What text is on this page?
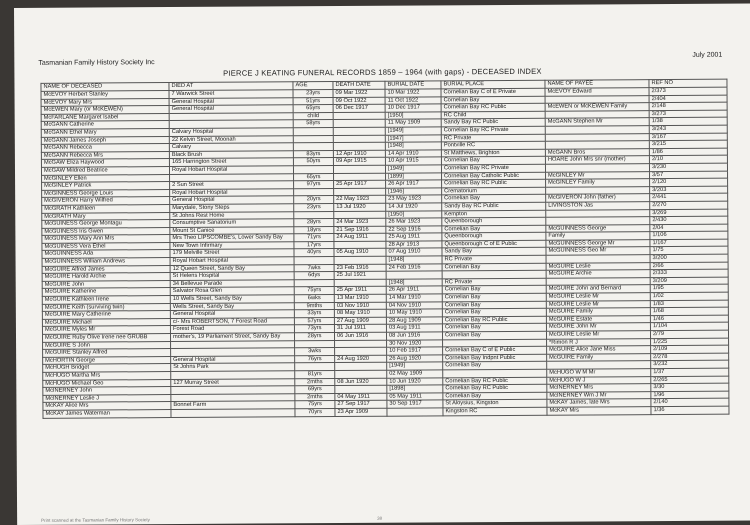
Tasmanian Family History Society Inc
July 2001
PIERCE J KEATING FUNERAL RECORDS 1859 – 1964 (with gaps) - DECEASED INDEX
NAME OF DECEASED	DIED AT	AGE	DEATH DATE	BURIAL DATE	BURIAL PLACE	NAME OF PAYEE	REF NO
McEVOY Herbert Stanley	7 Warwick Street	23yrs	09 Mar 1922	10 Mar 1922	Cornelian Bay C of E Private	McEVOY Edward	2/373
McEVOY Mary Mrs	General Hospital	51yrs	09 Oct 1922	11 Oct 1922	Cornelian Bay		2/404
McEWEN Mary (or McKEWEN)	General Hospital	65yrs	06 Dec 1917	10 Dec 1917	Cornelian Bay RC Public	McEWEN or McKEWEN Family	2/148
McFARLANE Margaret Isabel		child		[1950]	RC Child		3/273
McGANN Catherine		58yrs		11 May 1909	Sandy Bay RC Public	McGANN Stephen Mr	1/38
McGANN Ethel Mary	Calvary Hospital			[1949]	Cornelian Bay RC Private		3/243
McGANN James Joseph	22 Kelvin Street, Moonah			[1947]	RC Private		3/167
McGANN Rebecca	Calvary			[1948]	Pontville RC		3/215
McGANN Rebecca Mrs	Black Brush	83yrs	12 Apr 1910	14 Apr 1910	St Matthews, Brighton	McGANN Bros	1/86
McGAW Eliza Haywood	165 Harrington Street	50yrs	09 Apr 1915	10 Apr 1915	Cornelian Bay	HOARE John Mrs snr (mother)	2/10
McGAW Mildred Beatrice	Royal Hobart Hospital			[1949]	Cornelian Bay RC Private		3/230
McGINLEY Ellen		65yrs		[1899]	Cornelian Bay Catholic Public	McGINLEY Mr	3/57
McGINLEY Patrick	2 Sun Street	97yrs	25 Apr 1917	26 Apr 1917	Cornelian Bay RC Public	McGINLEY Family	2/120
McGINNESS George Louis	Royal Hobart Hospital			[1946]	Crematorium		3/203
McGIVERON Harry Wilfred	General Hospital	20yrs	22 May 1923	23 May 1923	Cornelian Bay	McGIVERON John (father)	2/441
McGRATH Kathleen	Marydale, Stony Steps	23yrs	13 Jul 1920	14 Jul 1920	Sandy Bay RC Public	LIVINGSTON Jas	2/270
McGRATH Mary	St Johns Rest Home			[1950]	Kempton		3/269
McGUINESS George Montagu	Consumptive Sanatorium	28yrs	24 Mar 1923	26 Mar 1923	Queenborough		2/430
McGUINESS Iris Gwen	Mount St Canice	18yrs	21 Sep 1916	22 Sep 1916	Cornelian Bay	McGUINNESS George	2/04
McGUINESS Mary Ann Mrs	Mrs Theo LIPSCOMBE's, Lower Sandy Bay	71yrs	24 Aug 1911	25 Aug 1911	Queenborough	Family	1/106
McGUINESS Vera Ethel	New Town Infirmary	17yrs		28 Apr 1913	Queenborough C of E Public	McGUINNESS George Mr	1/167
McGUINNESS Ada	179 Melville Street	40yrs	05 Aug 1910	07 Aug 1910	Sandy Bay	McGUINNESS Geo Mr	1/75
McGUINNESS William Andrews	Royal Hobart Hospital			[1948]	RC Private		3/200
McGUIRE Alfred James	12 Queen Street, Sandy Bay	7wks	23 Feb 1916	24 Feb 1916	Cornelian Bay	McGUIRE Leslie	2/66
McGUIRE Harold Archie	St Helens Hospital	6dys	25 Jul 1921			McGUIRE Archie	2/333
McGUIRE John	34 Bellevue Parade			[1948]	RC Private		3/209
McGUIRE Katherine	Salvator Rosa Glen	75yrs	25 Apr 1911	26 Apr 1911	Cornelian Bay	McGUIRE John and Bernard	1/95
McGUIRE Kathleen Irene	10 Wells Street, Sandy Bay	6wks	13 Mar 1910	14 Mar 1910	Cornelian Bay	McGUIRE Leslie Mr	1/02
McGUIRE Keith (surviving twin)	Wells Street, Sandy Bay	9mths	03 Nov 1910	04 Nov 1910	Cornelian Bay	McGUIRE Leslie Mr	1/83
McGUIRE Mary Catherine	General Hospital	33yrs	08 May 1910	10 May 1910	Cornelian Bay	McGUIRE Family	1/68
McGUIRE Michael	c/- Mrs ROBERTSON, 7 Forest Road	57yrs	27 Aug 1909	28 Aug 1909	Cornelian Bay RC Public	McGUIRE Estate	1/46
McGUIRE Myles Mr	Forest Road	73yrs	31 Jul 1911	03 Aug 1911	Cornelian Bay	McGUIRE John Mr	1/104
McGUIRE Ruby Olive Irene nee GRUBB	mother's, 19 Parliament Street, Sandy Bay	28yrs	06 Jun 1916	08 Jun 1916	Cornelian Bay	McGUIRE Leslie Mr	2/79
McGUIRE S John				30 Nov 1920		*Rimon R J	1/225
McGUIRE Stanley Alfred		3wks		10 Feb 1917	Cornelian Bay C of E Public	McGUIRE Alice Jane Miss	2/109
McHORTIN George	General Hospital	76yrs	24 Aug 1920	26 Aug 1920	Cornelian Bay Indpnt Public	McGUIRE Family	2/278
McHUGH Bridget	St Johns Park			[1949]	Cornelian Bay		3/232
McHUGO Martha Mrs		81yrs		02 May 1909		McHUGO W M Mr	1/37
McHUGO Michael Geo	127 Murray Street	2mths	08 Jun 1920	10 Jun 1920	Cornelian Bay RC Public	McHUGO W J	2/265
McINERNEY John		69yrs		[1898]	Cornelian Bay RC Public	McINERNEY Mrs	3/30
McINERNEY Leslie J		2mths	04 May 1911	05 May 1911	Cornelian Bay	McINERNEY Wm J Mr	1/96
McKAY Alice Mrs	Bonnet Farm	75yrs	27 Sep 1917	30 Sep 1917	St Aloysius, Kingston	McKAY James, late Mrs	2/140
McKAY James Waterman		70yrs	23 Apr 1909		Kingston RC	McKAY Mrs	1/36
Print scanned at the Tasmanian Family History Society	38
